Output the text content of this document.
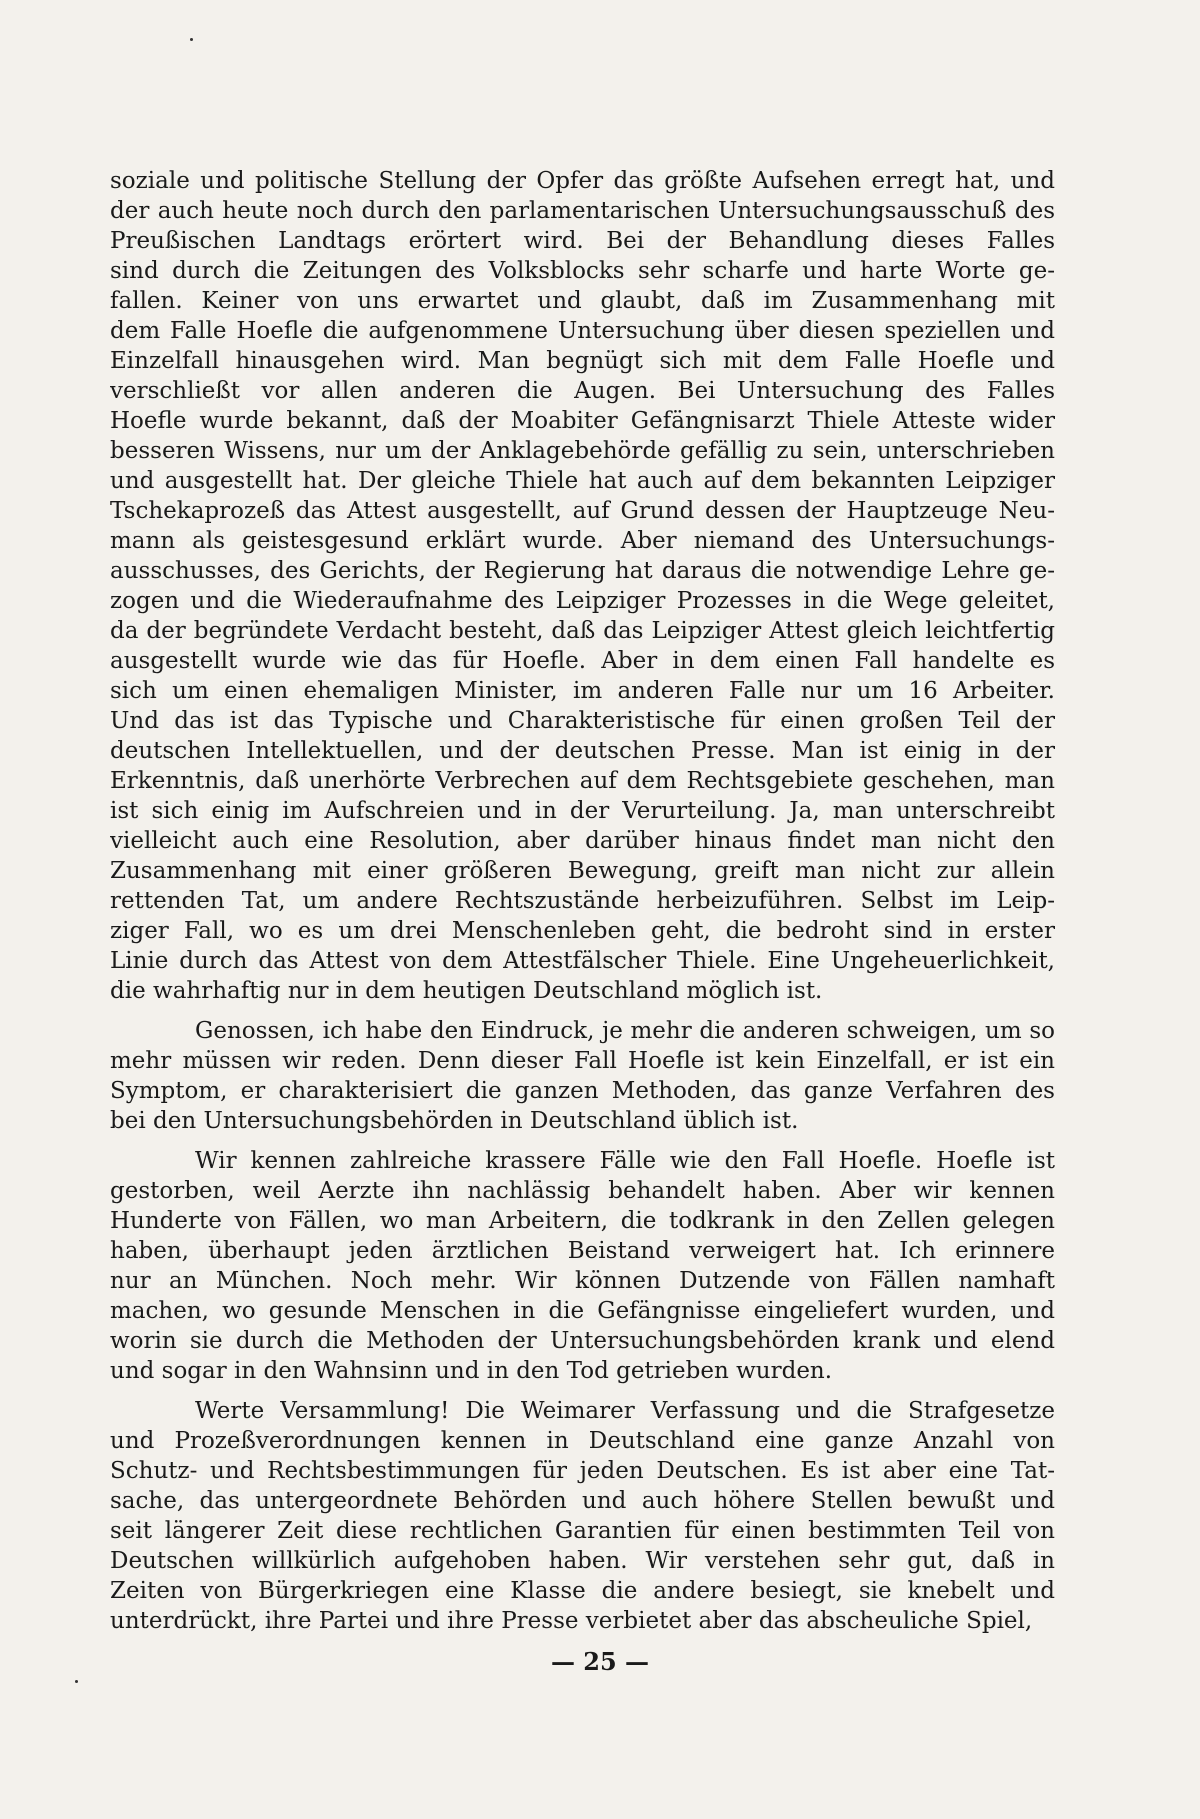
soziale und politische Stellung der Opfer das größte Aufsehen erregt hat, und
der auch heute noch durch den parlamentarischen Untersuchungsausschuß des
Preußischen Landtags erörtert wird. Bei der Behandlung dieses Falles
sind durch die Zeitungen des Volksblocks sehr scharfe und harte Worte ge-
fallen. Keiner von uns erwartet und glaubt, daß im Zusammenhang mit
dem Falle Hoefle die aufgenommene Untersuchung über diesen speziellen und
Einzelfall hinausgehen wird. Man begnügt sich mit dem Falle Hoefle und
verschließt vor allen anderen die Augen. Bei Untersuchung des Falles
Hoefle wurde bekannt, daß der Moabiter Gefängnisarzt Thiele Atteste wider
besseren Wissens, nur um der Anklagebehörde gefällig zu sein, unterschrieben
und ausgestellt hat. Der gleiche Thiele hat auch auf dem bekannten Leipziger
Tschekaprozeß das Attest ausgestellt, auf Grund dessen der Hauptzeuge Neu-
mann als geistesgesund erklärt wurde. Aber niemand des Untersuchungs-
ausschusses, des Gerichts, der Regierung hat daraus die notwendige Lehre ge-
zogen und die Wiederaufnahme des Leipziger Prozesses in die Wege geleitet,
da der begründete Verdacht besteht, daß das Leipziger Attest gleich leichtfertig
ausgestellt wurde wie das für Hoefle. Aber in dem einen Fall handelte es
sich um einen ehemaligen Minister, im anderen Falle nur um 16 Arbeiter.
Und das ist das Typische und Charakteristische für einen großen Teil der
deutschen Intellektuellen, und der deutschen Presse. Man ist einig in der
Erkenntnis, daß unerhörte Verbrechen auf dem Rechtsgebiete geschehen, man
ist sich einig im Aufschreien und in der Verurteilung. Ja, man unterschreibt
vielleicht auch eine Resolution, aber darüber hinaus findet man nicht den
Zusammenhang mit einer größeren Bewegung, greift man nicht zur allein
rettenden Tat, um andere Rechtszustände herbeizuführen. Selbst im Leip-
ziger Fall, wo es um drei Menschenleben geht, die bedroht sind in erster
Linie durch das Attest von dem Attestfälscher Thiele. Eine Ungeheuerlichkeit,
die wahrhaftig nur in dem heutigen Deutschland möglich ist.
Genossen, ich habe den Eindruck, je mehr die anderen schweigen, um so
mehr müssen wir reden. Denn dieser Fall Hoefle ist kein Einzelfall, er ist ein
Symptom, er charakterisiert die ganzen Methoden, das ganze Verfahren des
bei den Untersuchungsbehörden in Deutschland üblich ist.
Wir kennen zahlreiche krassere Fälle wie den Fall Hoefle. Hoefle ist
gestorben, weil Aerzte ihn nachlässig behandelt haben. Aber wir kennen
Hunderte von Fällen, wo man Arbeitern, die todkrank in den Zellen gelegen
haben, überhaupt jeden ärztlichen Beistand verweigert hat. Ich erinnere
nur an München. Noch mehr. Wir können Dutzende von Fällen namhaft
machen, wo gesunde Menschen in die Gefängnisse eingeliefert wurden, und
worin sie durch die Methoden der Untersuchungsbehörden krank und elend
und sogar in den Wahnsinn und in den Tod getrieben wurden.
Werte Versammlung! Die Weimarer Verfassung und die Strafgesetze
und Prozeßverordnungen kennen in Deutschland eine ganze Anzahl von
Schutz- und Rechtsbestimmungen für jeden Deutschen. Es ist aber eine Tat-
sache, das untergeordnete Behörden und auch höhere Stellen bewußt und
seit längerer Zeit diese rechtlichen Garantien für einen bestimmten Teil von
Deutschen willkürlich aufgehoben haben. Wir verstehen sehr gut, daß in
Zeiten von Bürgerkriegen eine Klasse die andere besiegt, sie knebelt und
unterdrückt, ihre Partei und ihre Presse verbietet aber das abscheuliche Spiel,
— 25 —
